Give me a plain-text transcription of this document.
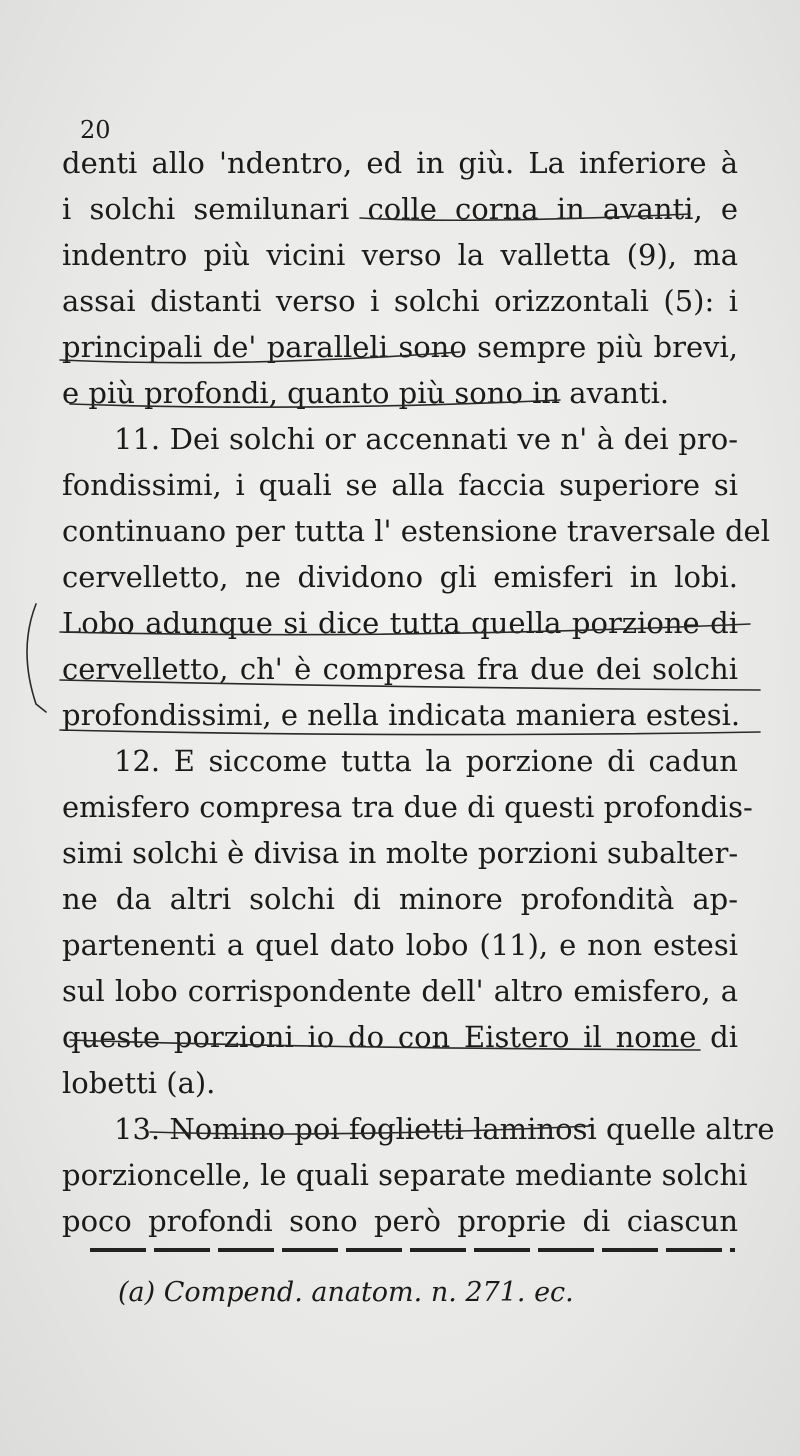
20
denti allo 'ndentro, ed in giù. La inferiore à
i solchi semilunari colle corna in avanti, e
indentro più vicini verso la valletta (9), ma
assai distanti verso i solchi orizzontali (5): i
principali de' paralleli sono sempre più brevi,
e più profondi, quanto più sono in avanti.
11. Dei solchi or accennati ve n' à dei pro-
fondissimi, i quali se alla faccia superiore si
continuano per tutta l' estensione traversale del
cervelletto, ne dividono gli emisferi in lobi.
Lobo adunque si dice tutta quella porzione di
cervelletto, ch' è compresa fra due dei solchi
profondissimi, e nella indicata maniera estesi.
12. E siccome tutta la porzione di cadun
emisfero compresa tra due di questi profondis-
simi solchi è divisa in molte porzioni subalter-
ne da altri solchi di minore profondità ap-
partenenti a quel dato lobo (11), e non estesi
sul lobo corrispondente dell' altro emisfero, a
queste porzioni io do con Eistero il nome di
lobetti (a).
13. Nomino poi foglietti laminosi quelle altre
porzioncelle, le quali separate mediante solchi
poco profondi sono però proprie di ciascun
(a) Compend. anatom. n. 271. ec.
